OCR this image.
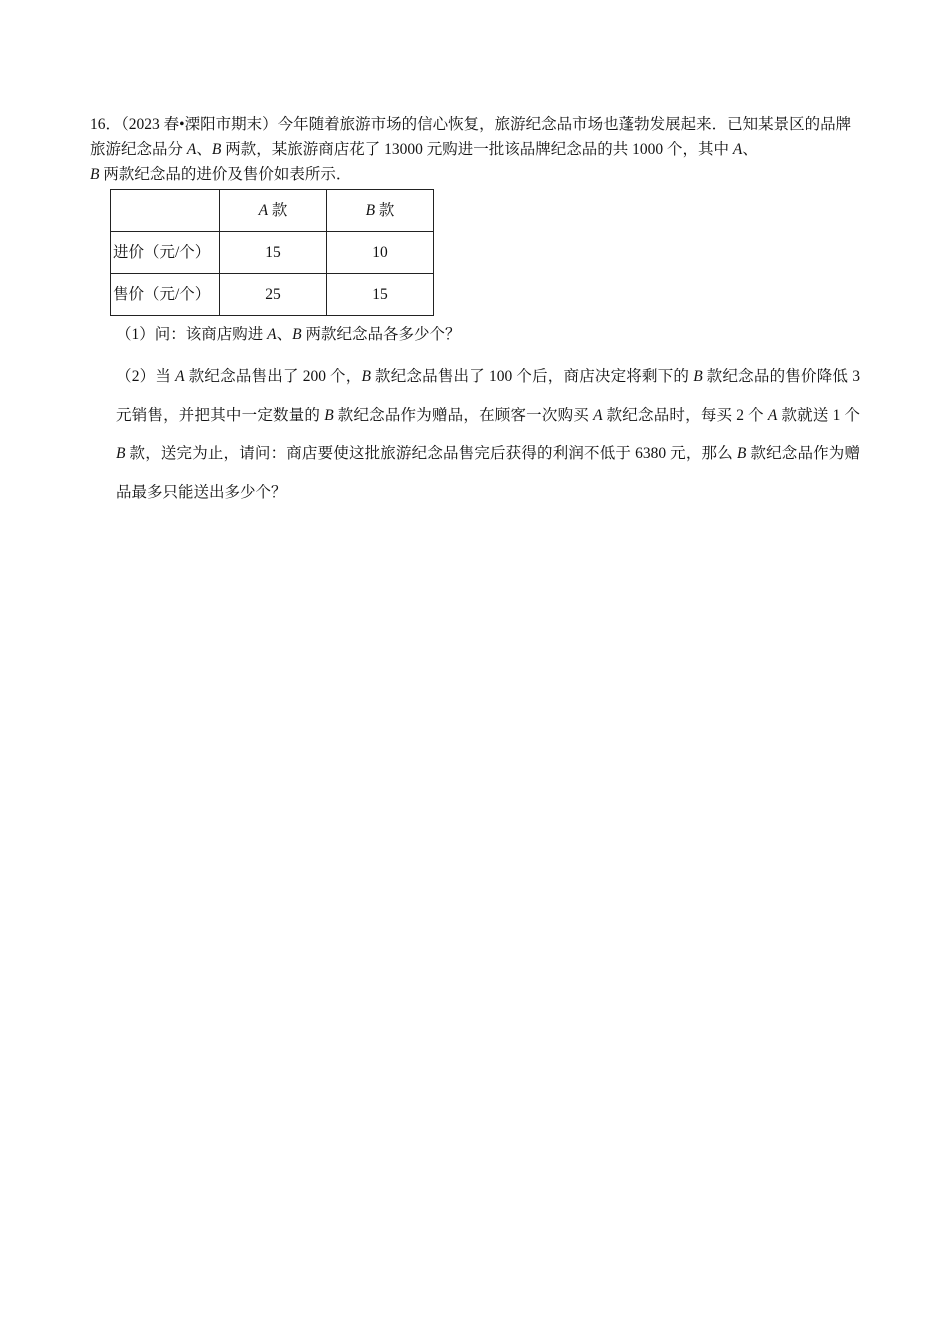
16．（2023 春•溧阳市期末）今年随着旅游市场的信心恢复，旅游纪念品市场也蓬勃发展起来．已知某景区的品牌旅游纪念品分 A、B 两款，某旅游商店花了 13000 元购进一批该品牌纪念品的共 1000 个，其中 A、
B 两款纪念品的进价及售价如表所示．

	A 款	B 款
进价（元/个）	15	10
售价（元/个）	25	15

（1）问：该商店购进 A、B 两款纪念品各多少个？

（2）当 A 款纪念品售出了 200 个，B 款纪念品售出了 100 个后，商店决定将剩下的 B 款纪念品的售价降低 3 元销售，并把其中一定数量的 B 款纪念品作为赠品，在顾客一次购买 A 款纪念品时，每买 2 个 A 款就送 1 个 B 款，送完为止，请问：商店要使这批旅游纪念品售完后获得的利润不低于 6380 元，那么 B 款纪念品作为赠品最多只能送出多少个？
